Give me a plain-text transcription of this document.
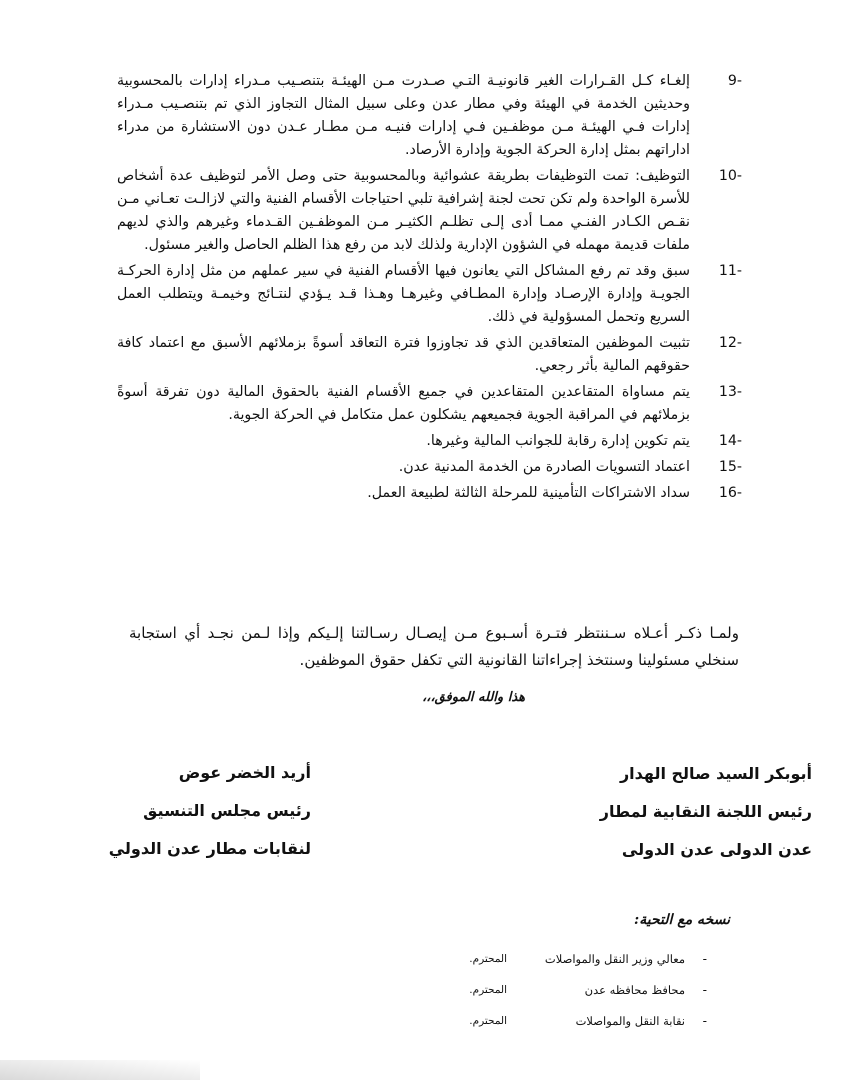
9-
إلغـاء كـل القـرارات الغير قانونيـة التـي صـدرت مـن الهيئـة بتنصـيب مـدراء إدارات بالمحسوبية وحديثين الخدمة في الهيئة وفي مطار عدن وعلى سبيل المثال التجاوز الذي تم بتنصـيب مـدراء إدارات فـي الهيئـة مـن موظفـين فـي إدارات فنيـه مـن مطـار عـدن دون الاستشارة من مدراء اداراتهم بمثل إدارة الحركة الجوية وإدارة الأرصاد.
10-
التوظيف: تمت التوظيفات بطريقة عشوائية وبالمحسوبية حتى وصل الأمر لتوظيف عدة أشخاص للأسرة الواحدة ولم تكن تحت لجنة إشرافية تلبي احتياجات الأقسام الفنية والتي لازالـت تعـاني مـن نقـص الكـادر الفنـي ممـا أدى إلـى تظلـم الكثيـر مـن الموظفـين القـدماء وغيرهم والذي لديهم ملفات قديمة مهمله في الشؤون الإدارية ولذلك لابد من رفع هذا الظلم الحاصل والغير مسئول.
11-
سبق وقد تم رفع المشاكل التي يعانون فيها الأقسام الفنية في سير عملهم من مثل إدارة الحركـة الجويـة وإدارة الإرصـاد وإدارة المطـافي وغيرهـا وهـذا قـد يـؤدي لنتـائج وخيمـة ويتطلب العمل السريع وتحمل المسؤولية في ذلك.
12-
تثبيت الموظفين المتعاقدين الذي قد تجاوزوا فترة التعاقد أسوةً بزملائهم الأسبق مع اعتماد كافة حقوقهم المالية بأثر رجعي.
13-
يتم مساواة المتقاعدين المتقاعدين في جميع الأقسام الفنية بالحقوق المالية دون تفرقة أسوةً بزملائهم في المراقبة الجوية فجميعهم يشكلون عمل متكامل في الحركة الجوية.
14-
يتم تكوين إدارة رقابة للجوانب المالية وغيرها.
15-
اعتماد التسويات الصادرة من الخدمة المدنية عدن.
16-
سداد الاشتراكات التأمينية للمرحلة الثالثة لطبيعة العمل.
ولمـا ذكـر أعـلاه سـننتظر فتـرة أسـبوع مـن إيصـال رسـالتنا إلـيكم وإذا لـمن نجـد أي استجابة سنخلي مسئولينا وسنتخذ إجراءاتنا القانونية التي تكفل حقوق الموظفين.
هذا والله الموفق،،،
أبوبكر السيد صالح الهدار
رئيس اللجنة النقابية لمطار
عدن الدولى عدن الدولى
أريد الخضر عوض
رئيس مجلس التنسيق
لنقابات مطار عدن الدولي
نسخه مع التحية:
-
معالي وزير النقل والمواصلات
المحترم.
-
محافظ محافظه عدن
المحترم.
-
نقابة النقل والمواصلات
المحترم.
